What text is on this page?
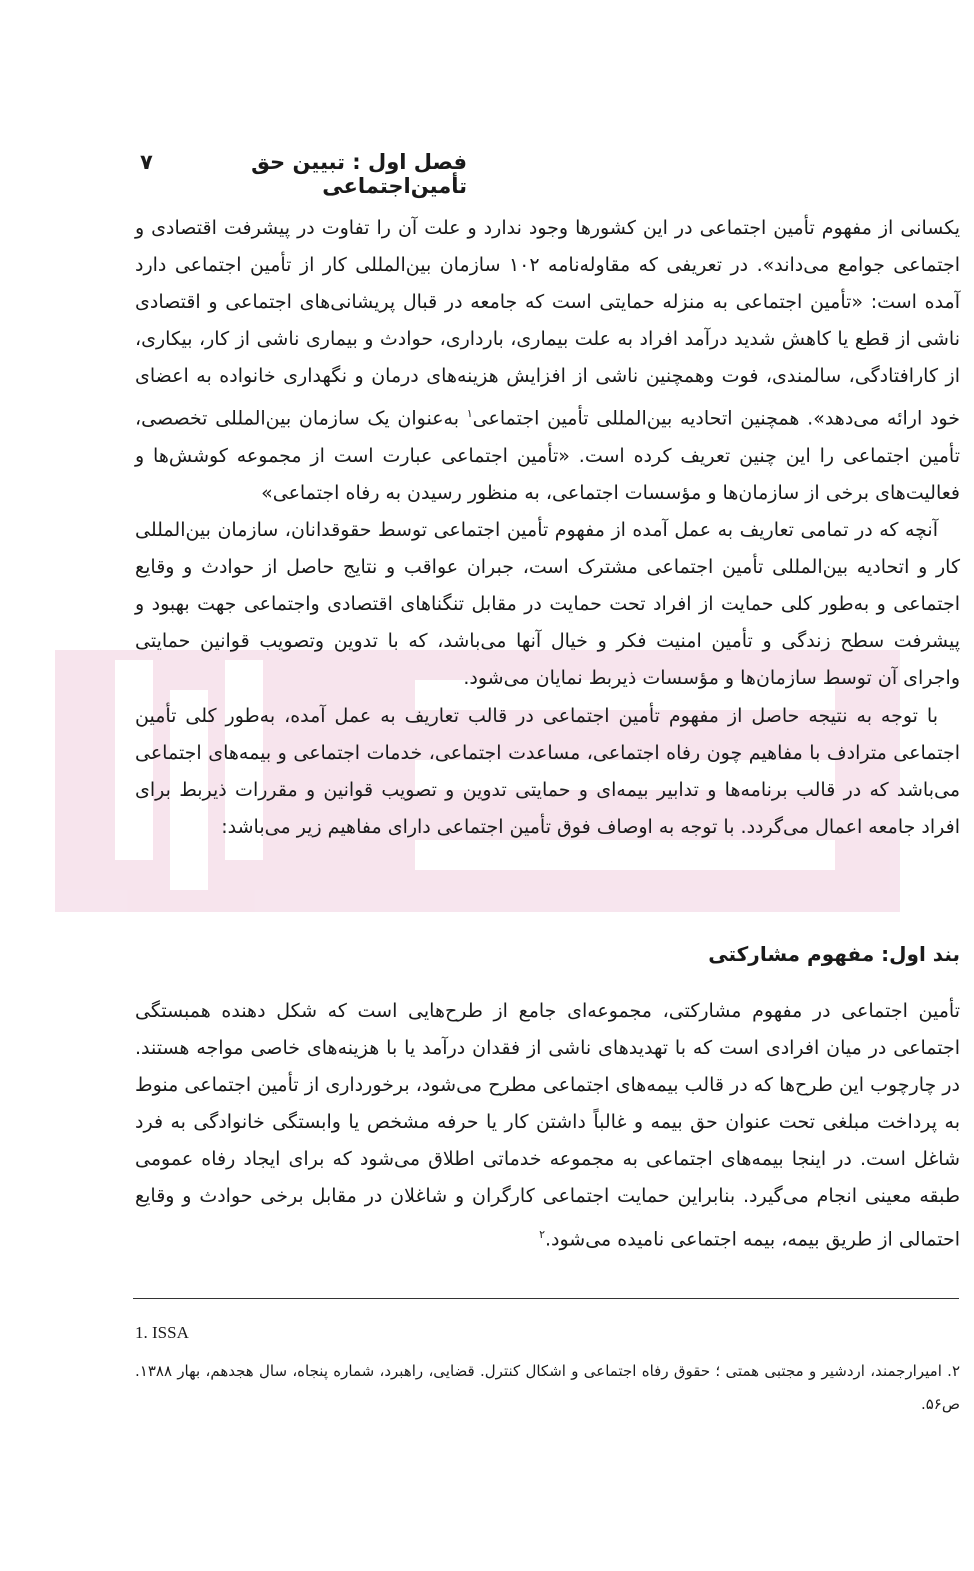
فصل اول : تبیین حق تأمین‌اجتماعی
۷

یکسانی از مفهوم تأمین اجتماعی در این کشورها وجود ندارد و علت آن را تفاوت در پیشرفت اقتصادی و اجتماعی جوامع می‌داند». در تعریفی که مقاوله‌نامه ۱۰۲ سازمان بین‌المللی کار از تأمین اجتماعی دارد آمده است: «تأمین اجتماعی به منزله حمایتی است که جامعه در قبال پریشانی‌های اجتماعی و اقتصادی ناشی از قطع یا کاهش شدید درآمد افراد به علت بیماری، بارداری، حوادث و بیماری ناشی از کار، بیکاری، از کارافتادگی، سالمندی، فوت وهمچنین ناشی از افزایش هزینه‌های درمان و نگهداری خانواده به اعضای خود ارائه می‌دهد». همچنین اتحادیه بین‌المللی تأمین اجتماعی$^۱$ به‌عنوان یک سازمان بین‌المللی تخصصی، تأمین اجتماعی را این چنین تعریف کرده است. «تأمین اجتماعی عبارت است از مجموعه کوشش‌ها و فعالیت‌های برخی از سازمان‌ها و مؤسسات اجتماعی، به منظور رسیدن به رفاه اجتماعی»

آنچه که در تمامی تعاریف به عمل آمده از مفهوم تأمین اجتماعی توسط حقوقدانان، سازمان بین‌المللی کار و اتحادیه بین‌المللی تأمین اجتماعی مشترک است، جبران عواقب و نتایج حاصل از حوادث و وقایع اجتماعی و به‌طور کلی حمایت از افراد تحت حمایت در مقابل تنگناهای اقتصادی واجتماعی جهت بهبود و پیشرفت سطح زندگی و تأمین امنیت فکر و خیال آنها می‌باشد، که با تدوین وتصویب قوانین حمایتی واجرای آن توسط سازمان‌ها و مؤسسات ذیربط نمایان می‌شود.

با توجه به نتیجه حاصل از مفهوم تأمین اجتماعی در قالب تعاریف به عمل آمده، به‌طور کلی تأمین اجتماعی مترادف با مفاهیم چون رفاه اجتماعی، مساعدت اجتماعی، خدمات اجتماعی و بیمه‌های اجتماعی می‌باشد که در قالب برنامه‌ها و تدابیر بیمه‌ای و حمایتی تدوین و تصویب قوانین و مقررات ذیربط برای افراد جامعه اعمال می‌گردد. با توجه به اوصاف فوق تأمین اجتماعی دارای مفاهیم زیر می‌باشد:

بند اول: مفهوم مشارکتی

تأمین اجتماعی در مفهوم مشارکتی، مجموعه‌ای جامع از طرح‌هایی است که شکل دهنده همبستگی اجتماعی در میان افرادی است که با تهدیدهای ناشی از فقدان درآمد یا با هزینه‌های خاصی مواجه هستند. در چارچوب این طرح‌ها که در قالب بیمه‌های اجتماعی مطرح می‌شود، برخورداری از تأمین اجتماعی منوط به پرداخت مبلغی تحت عنوان حق بیمه و غالباً داشتن کار یا حرفه مشخص یا وابستگی خانوادگی به فرد شاغل است. در اینجا بیمه‌های اجتماعی به مجموعه خدماتی اطلاق می‌شود که برای ایجاد رفاه عمومی طبقه معینی انجام می‌گیرد. بنابراین حمایت اجتماعی کارگران و شاغلان در مقابل برخی حوادث و وقایع احتمالی از طریق بیمه، بیمه اجتماعی نامیده می‌شود.$^۲$

1. ISSA

۲. امیرارجمند، اردشیر و مجتبی همتی ؛ حقوق رفاه اجتماعی و اشکال کنترل. قضایی، راهبرد، شماره پنجاه، سال هجدهم، بهار ۱۳۸۸. ص۵۶.
